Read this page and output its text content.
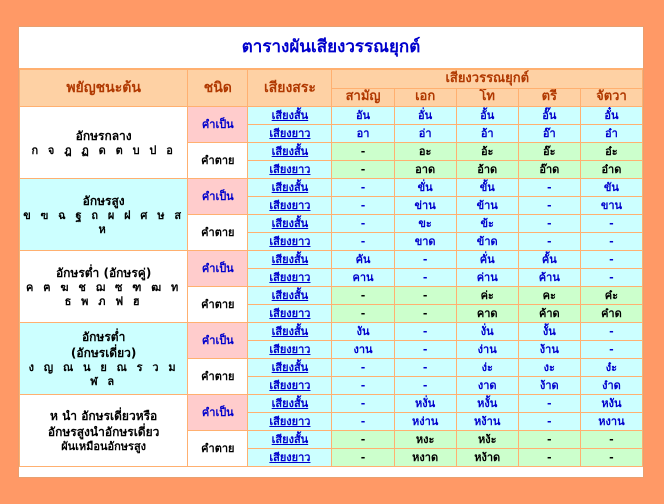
ตารางผันเสียงวรรณยุกต์
พยัญชนะต้น	ชนิด	เสียงสระ	เสียงวรรณยุกต์				
			สามัญ	เอก	โท	ตรี	จัตวา

อักษรกลาง
ก จ ฎ ฏ ด ต บ ป อ	คำเป็น	เสียงสั้น	อัน	อั่น	อั้น	อั๊น	อั๋น
		เสียงยาว	อา	อ่า	อ้า	อ๊า	อ๋า
	คำตาย	เสียงสั้น	-	อะ	อ้ะ	อ๊ะ	อ๋ะ
		เสียงยาว	-	อาด	อ้าด	อ๊าด	อ๋าด

อักษรสูง
ข ฃ ฉ ฐ ถ ผ ฝ ศ ษ ส ห	คำเป็น	เสียงสั้น	-	ขั่น	ขั้น	-	ขัน
		เสียงยาว	-	ข่าน	ข้าน	-	ขาน
	คำตาย	เสียงสั้น	-	ขะ	ข้ะ	-	-
		เสียงยาว	-	ขาด	ข้าด	-	-

อักษรต่ำ (อักษรคู่)
ค ฅ ฆ ช ฌ ซ ฑ ฒ ท ธ พ ภ ฟ ฮ	คำเป็น	เสียงสั้น	คัน	-	คั่น	คั้น	-
		เสียงยาว	คาน	-	ค่าน	ค้าน	-
	คำตาย	เสียงสั้น	-	-	ค่ะ	คะ	ค๋ะ
		เสียงยาว	-	-	คาด	ค้าด	ค๋าด

อักษรต่ำ
(อักษรเดี่ยว)
ง ญ ณ น ย ณ ร ว ม ฬ ล	คำเป็น	เสียงสั้น	งัน	-	งั่น	งั้น	-
		เสียงยาว	งาน	-	ง่าน	ง้าน	-
	คำตาย	เสียงสั้น	-	-	ง่ะ	งะ	ง๋ะ
		เสียงยาว	-	-	งาด	ง้าด	ง๋าด

ห นำ อักษรเดี่ยวหรือ
อักษรสูงนำอักษรเดี่ยว
ผันเหมือนอักษรสูง	คำเป็น	เสียงสั้น	-	หงั่น	หงั้น	-	หงัน
		เสียงยาว	-	หง่าน	หง้าน	-	หงาน
	คำตาย	เสียงสั้น	-	หงะ	หง้ะ	-	-
		เสียงยาว	-	หงาด	หง้าด	-	-
